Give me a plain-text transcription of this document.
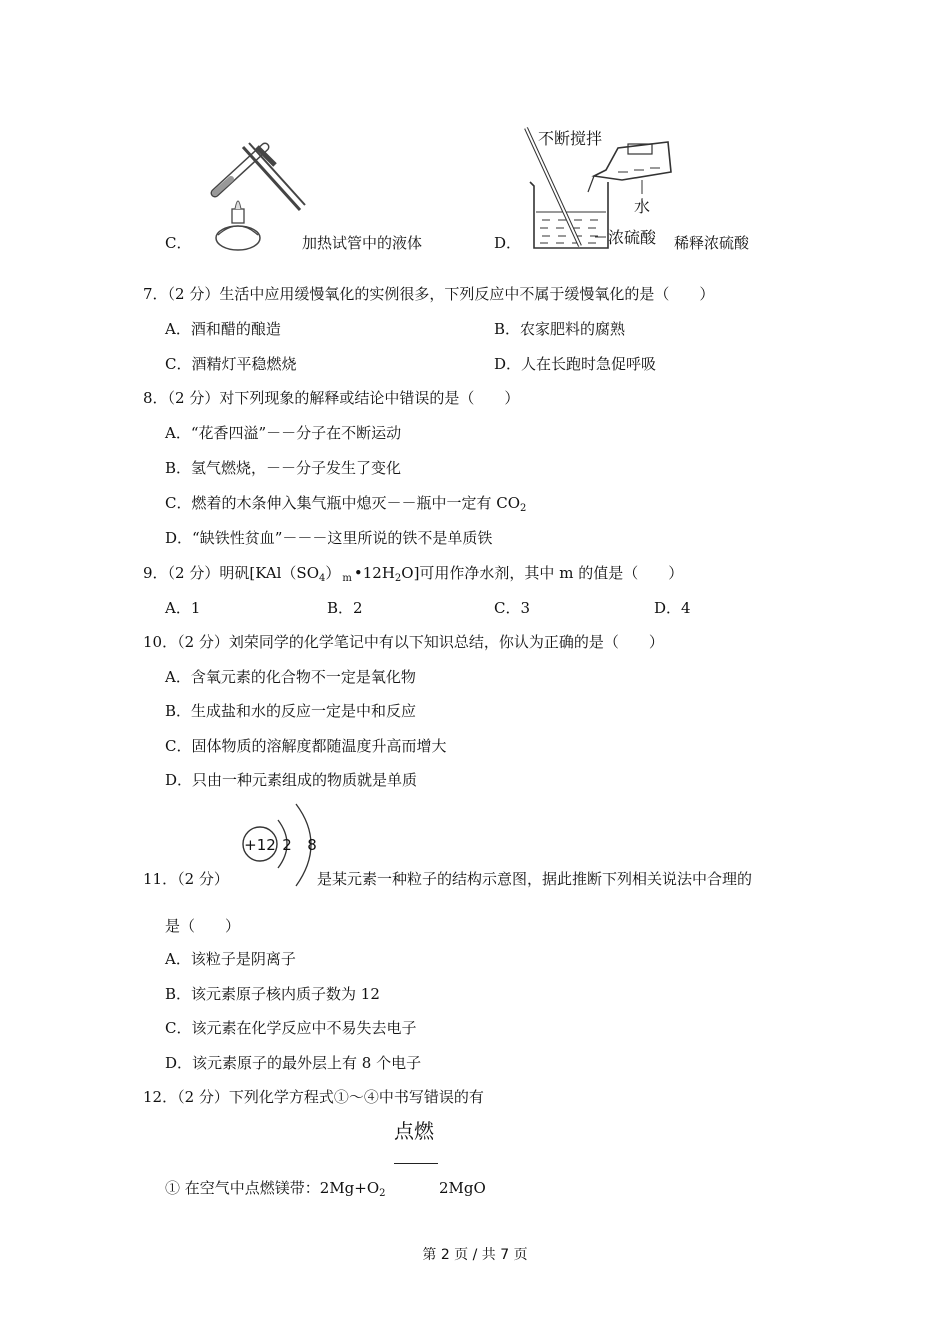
C．	加热试管中的液体
不断搅拌
水
浓硫酸
D．	稀释浓硫酸
7．（2 分）生活中应用缓慢氧化的实例很多，下列反应中不属于缓慢氧化的是（　　）
A．酒和醋的酿造	B．农家肥料的腐熟
C．酒精灯平稳燃烧	D．人在长跑时急促呼吸
8．（2 分）对下列现象的解释或结论中错误的是（　　）
A．“花香四溢”－－分子在不断运动
B．氢气燃烧，－－分子发生了变化
C．燃着的木条伸入集气瓶中熄灭－－瓶中一定有 $CO_2$
D．“缺铁性贫血”－－－这里所说的铁不是单质铁
9．（2 分）明矾[$KAl(SO_4)$ $_m$ $•12H_2O$]可用作净水剂，其中 m 的值是（　　）
A．1	B．2	C．3	D．4
10．（2 分）刘荣同学的化学笔记中有以下知识总结，你认为正确的是（　　）
A．含氧元素的化合物不一定是氧化物
B．生成盐和水的反应一定是中和反应
C．固体物质的溶解度都随温度升高而增大
D．只由一种元素组成的物质就是单质
+12 2 8
11．（2 分）	是某元素一种粒子的结构示意图，据此推断下列相关说法中合理的
是（　　）
A．该粒子是阴离子
B．该元素原子核内质子数为 12
C．该元素在化学反应中不易失去电子
D．该元素原子的最外层上有 8 个电子
12．（2 分）下列化学方程式①～④中书写错误的有
点燃
① 在空气中点燃镁带：$2Mg+O_2$	2MgO
第 2 页 / 共 7 页
